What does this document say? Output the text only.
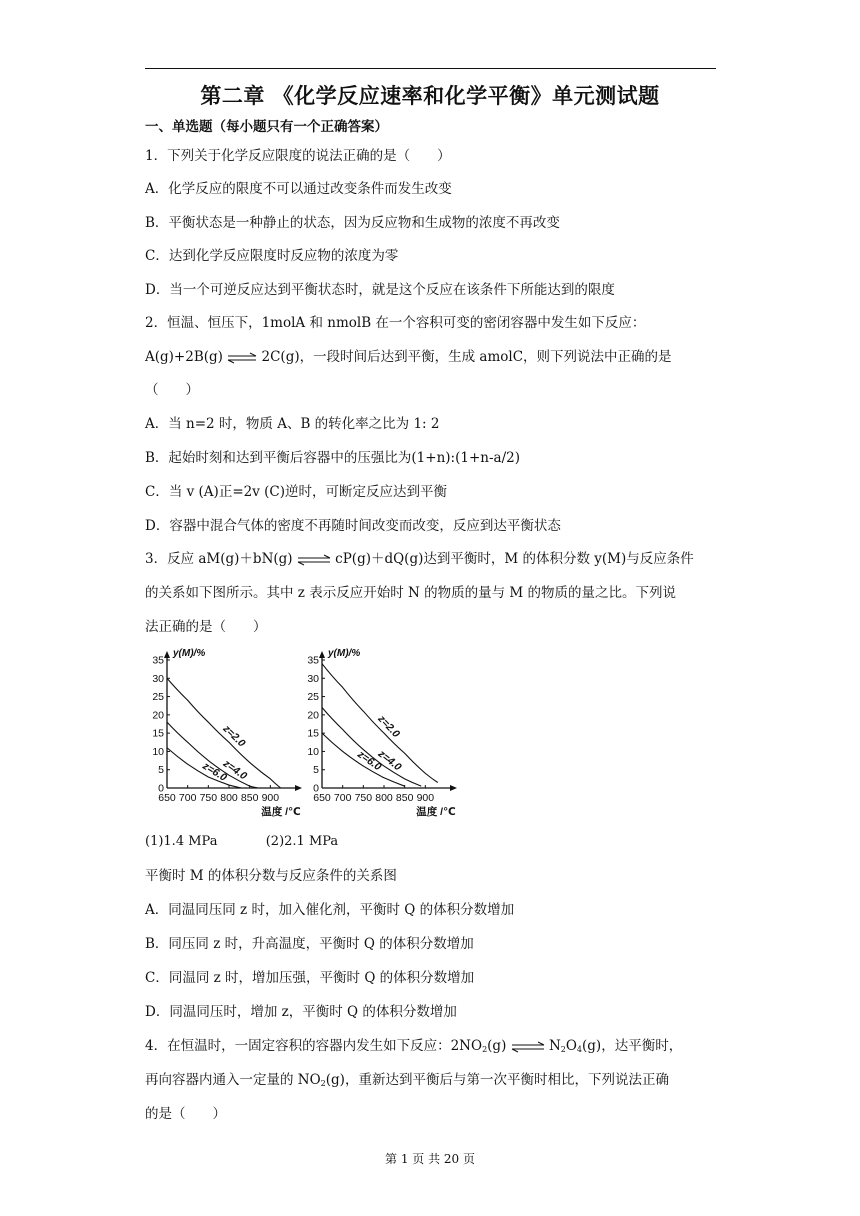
第二章 《化学反应速率和化学平衡》单元测试题
一、单选题（每小题只有一个正确答案）
1．下列关于化学反应限度的说法正确的是（　　）
A．化学反应的限度不可以通过改变条件而发生改变
B．平衡状态是一种静止的状态，因为反应物和生成物的浓度不再改变
C．达到化学反应限度时反应物的浓度为零
D．当一个可逆反应达到平衡状态时，就是这个反应在该条件下所能达到的限度
2．恒温、恒压下，1molA 和 nmolB 在一个容积可变的密闭容器中发生如下反应：
A(g)+2B(g) ⇌ 2C(g)，一段时间后达到平衡，生成 amolC，则下列说法中正确的是
（　　）
A．当 n=2 时，物质 A、B 的转化率之比为 1: 2
B．起始时刻和达到平衡后容器中的压强比为(1+n):(1+n-a/2)
C．当 v (A)正=2v (C)逆时，可断定反应达到平衡
D．容器中混合气体的密度不再随时间改变而改变，反应到达平衡状态
3．反应 aM(g)＋bN(g) ⇌ cP(g)＋dQ(g)达到平衡时，M 的体积分数 y(M)与反应条件
的关系如下图所示。其中 z 表示反应开始时 N 的物质的量与 M 的物质的量之比。下列说
法正确的是（　　）
0
5
10
15
20
25
30
35
650 700 750 800 850 900
y(M)/%
温度 /℃
z=2.0
z=4.0
z=6.0
0
5
10
15
20
25
30
35
650 700 750 800 850 900
y(M)/%
温度 /℃
z=2.0
z=4.0
z=6.0
(1)1.4 MPa	(2)2.1 MPa
平衡时 M 的体积分数与反应条件的关系图
A．同温同压同 z 时，加入催化剂，平衡时 Q 的体积分数增加
B．同压同 z 时，升高温度，平衡时 Q 的体积分数增加
C．同温同 z 时，增加压强，平衡时 Q 的体积分数增加
D．同温同压时，增加 z，平衡时 Q 的体积分数增加
4．在恒温时，一固定容积的容器内发生如下反应：$2NO_2(g)$ ⇌ $N_2O_4(g)$，达平衡时，
再向容器内通入一定量的 $NO_2(g)$，重新达到平衡后与第一次平衡时相比，下列说法正确
的是（　　）
第 1 页 共 20 页
